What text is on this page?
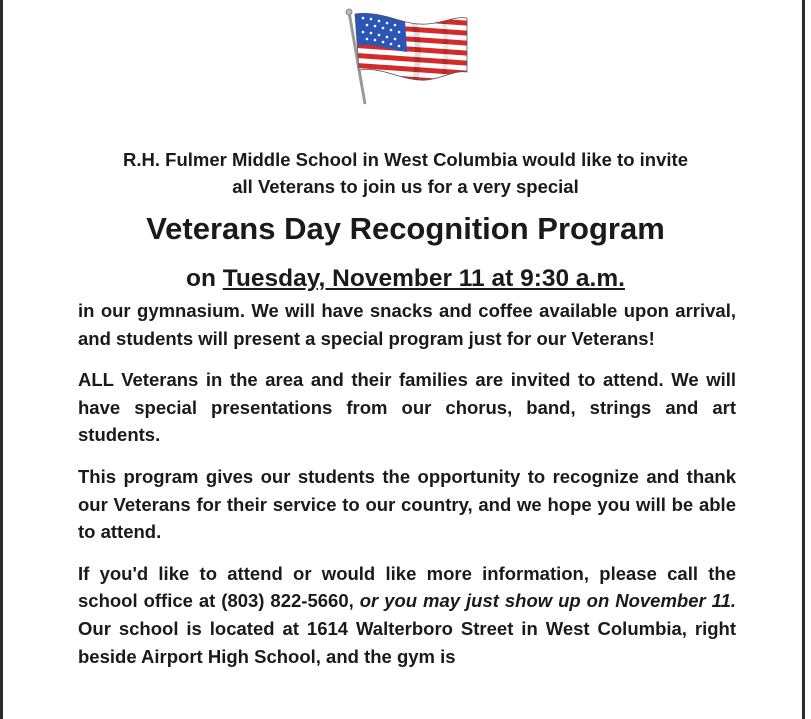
R.H. Fulmer Middle School in West Columbia would like to invite
all Veterans to join us for a very special
Veterans Day Recognition Program
on Tuesday, November 11 at 9:30 a.m.

in our gymnasium. We will have snacks and coffee available upon arrival, and students will present a special program just for our Veterans!

ALL Veterans in the area and their families are invited to attend. We will have special presentations from our chorus, band, strings and art students.

This program gives our students the opportunity to recognize and thank our Veterans for their service to our country, and we hope you will be able to attend.

If you'd like to attend or would like more information, please call the school office at (803) 822-5660, or you may just show up on November 11. Our school is located at 1614 Walterboro Street in West Columbia, right beside Airport High School, and the gym is
